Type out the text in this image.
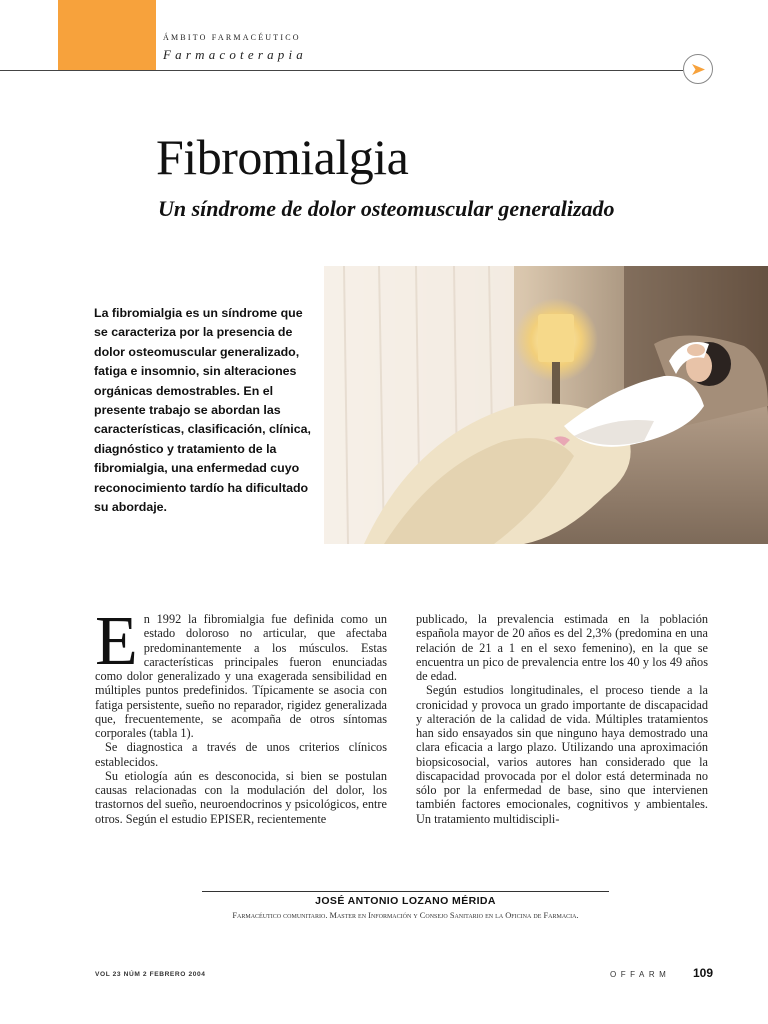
ÁMBITO FARMACÉUTICO
Farmacoterapia
Fibromialgia
Un síndrome de dolor osteomuscular generalizado
La fibromialgia es un síndrome que se caracteriza por la presencia de dolor osteomuscular generalizado, fatiga e insomnio, sin alteraciones orgánicas demostrables. En el presente trabajo se abordan las características, clasificación, clínica, diagnóstico y tratamiento de la fibromialgia, una enfermedad cuyo reconocimiento tardío ha dificultado su abordaje.

En 1992 la fibromialgia fue definida como un estado doloroso no articular, que afectaba predominantemente a los músculos. Estas características principales fueron enunciadas como dolor generalizado y una exagerada sensibilidad en múltiples puntos predefinidos. Típicamente se asocia con fatiga persistente, sueño no reparador, rigidez generalizada que, frecuentemente, se acompaña de otros síntomas corporales (tabla 1).

Se diagnostica a través de unos criterios clínicos establecidos.

Su etiología aún es desconocida, si bien se postulan causas relacionadas con la modulación del dolor, los trastornos del sueño, neuroendocrinos y psicológicos, entre otros. Según el estudio EPISER, recientemente

publicado, la prevalencia estimada en la población española mayor de 20 años es del 2,3% (predomina en una relación de 21 a 1 en el sexo femenino), en la que se encuentra un pico de prevalencia entre los 40 y los 49 años de edad.

Según estudios longitudinales, el proceso tiende a la cronicidad y provoca un grado importante de discapacidad y alteración de la calidad de vida. Múltiples tratamientos han sido ensayados sin que ninguno haya demostrado una clara eficacia a largo plazo. Utilizando una aproximación biopsicosocial, varios autores han considerado que la discapacidad provocada por el dolor está determinada no sólo por la enfermedad de base, sino que intervienen también factores emocionales, cognitivos y ambientales. Un tratamiento multidiscipli-

JOSÉ ANTONIO LOZANO MÉRIDA
Farmacéutico comunitario. Master en Información y Consejo Sanitario en la Oficina de Farmacia.
VOL 23 NÚM 2 FEBRERO 2004	OFFARM 109
